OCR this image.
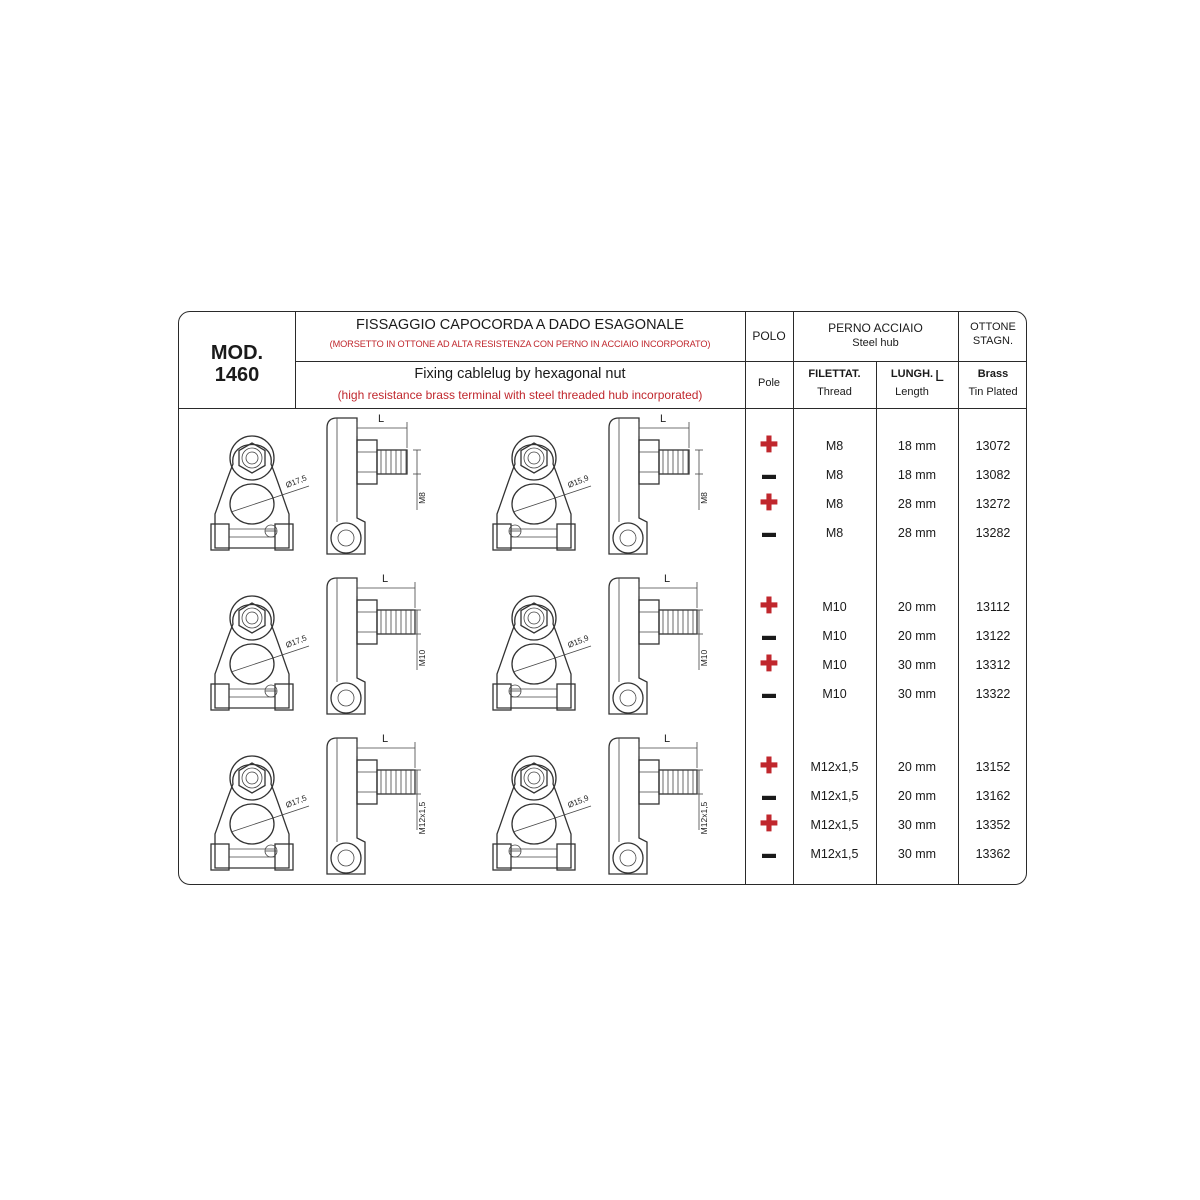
MOD.
1460
FISSAGGIO CAPOCORDA A DADO ESAGONALE
(MORSETTO IN OTTONE AD ALTA RESISTENZA CON PERNO IN ACCIAIO INCORPORATO)
Fixing cablelug by hexagonal nut
(high resistance brass terminal with steel threaded hub incorporated)
POLO
Pole
PERNO ACCIAIO
Steel hub
FILETTAT.
Thread
LUNGH. L
Length
OTTONE
STAGN.
Brass
Tin Plated
Ø17,5
L
M8
Ø15,9
L
M8
Ø17,5
L
M10
Ø15,9
L
M10
Ø17,5
L
M12x1,5
Ø15,9
L
M12x1,5
✚	M8	18 mm	13072
▬	M8	18 mm	13082
✚	M8	28 mm	13272
▬	M8	28 mm	13282
✚	M10	20 mm	13112
▬	M10	20 mm	13122
✚	M10	30 mm	13312
▬	M10	30 mm	13322
✚	M12x1,5	20 mm	13152
▬	M12x1,5	20 mm	13162
✚	M12x1,5	30 mm	13352
▬	M12x1,5	30 mm	13362
